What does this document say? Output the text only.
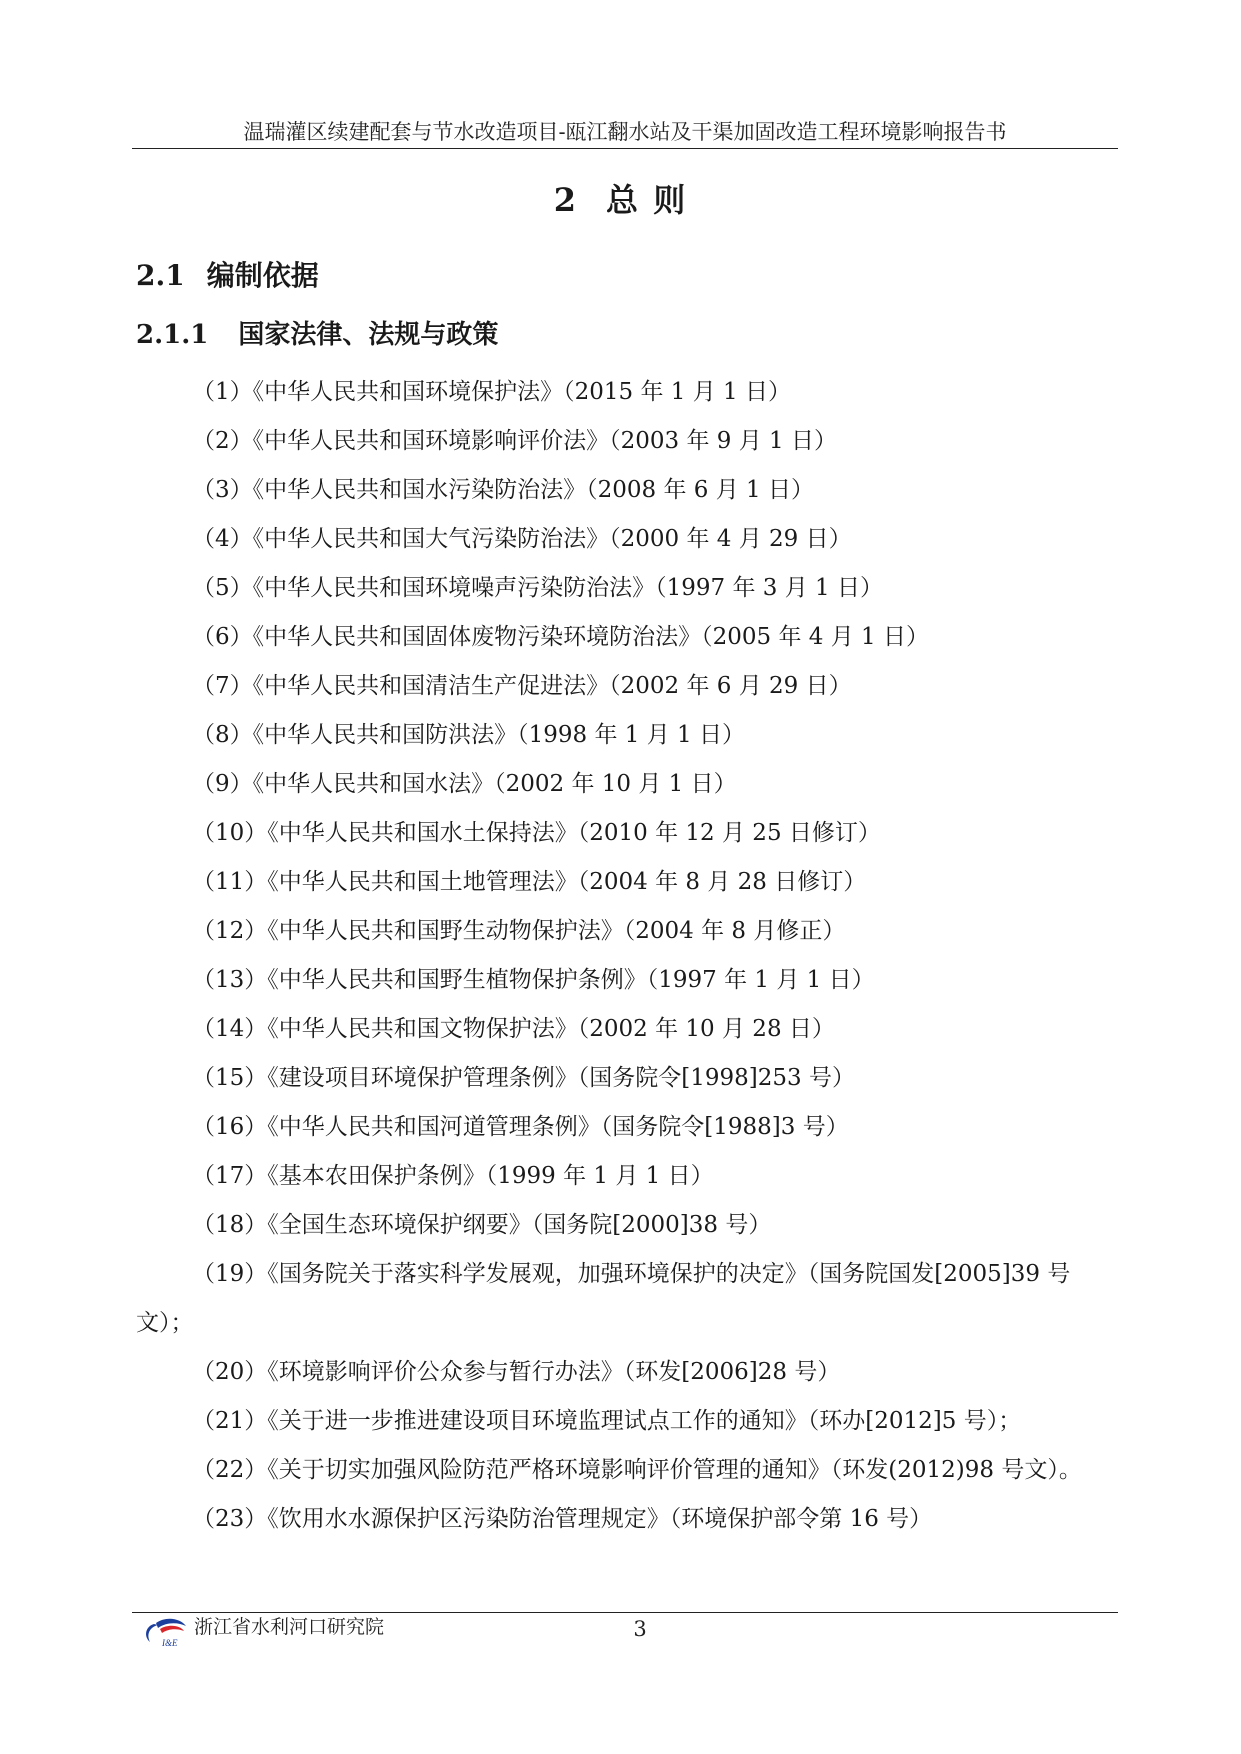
温瑞灌区续建配套与节水改造项目-瓯江翻水站及干渠加固改造工程环境影响报告书
2 总 则
2.1 编制依据
2.1.1 国家法律、法规与政策
（1）《中华人民共和国环境保护法》（2015 年 1 月 1 日）
（2）《中华人民共和国环境影响评价法》（2003 年 9 月 1 日）
（3）《中华人民共和国水污染防治法》（2008 年 6 月 1 日）
（4）《中华人民共和国大气污染防治法》（2000 年 4 月 29 日）
（5）《中华人民共和国环境噪声污染防治法》（1997 年 3 月 1 日）
（6）《中华人民共和国固体废物污染环境防治法》（2005 年 4 月 1 日）
（7）《中华人民共和国清洁生产促进法》（2002 年 6 月 29 日）
（8）《中华人民共和国防洪法》（1998 年 1 月 1 日）
（9）《中华人民共和国水法》（2002 年 10 月 1 日）
（10）《中华人民共和国水土保持法》（2010 年 12 月 25 日修订）
（11）《中华人民共和国土地管理法》（2004 年 8 月 28 日修订）
（12）《中华人民共和国野生动物保护法》（2004 年 8 月修正）
（13）《中华人民共和国野生植物保护条例》（1997 年 1 月 1 日）
（14）《中华人民共和国文物保护法》（2002 年 10 月 28 日）
（15）《建设项目环境保护管理条例》（国务院令[1998]253 号）
（16）《中华人民共和国河道管理条例》（国务院令[1988]3 号）
（17）《基本农田保护条例》（1999 年 1 月 1 日）
（18）《全国生态环境保护纲要》（国务院[2000]38 号）
（19）《国务院关于落实科学发展观，加强环境保护的决定》（国务院国发[2005]39 号文）；
（20）《环境影响评价公众参与暂行办法》（环发[2006]28 号）
（21）《关于进一步推进建设项目环境监理试点工作的通知》（环办[2012]5 号）；
（22）《关于切实加强风险防范严格环境影响评价管理的通知》（环发(2012)98 号文）。
（23）《饮用水水源保护区污染防治管理规定》（环境保护部令第 16 号）
I&E
浙江省水利河口研究院	3
